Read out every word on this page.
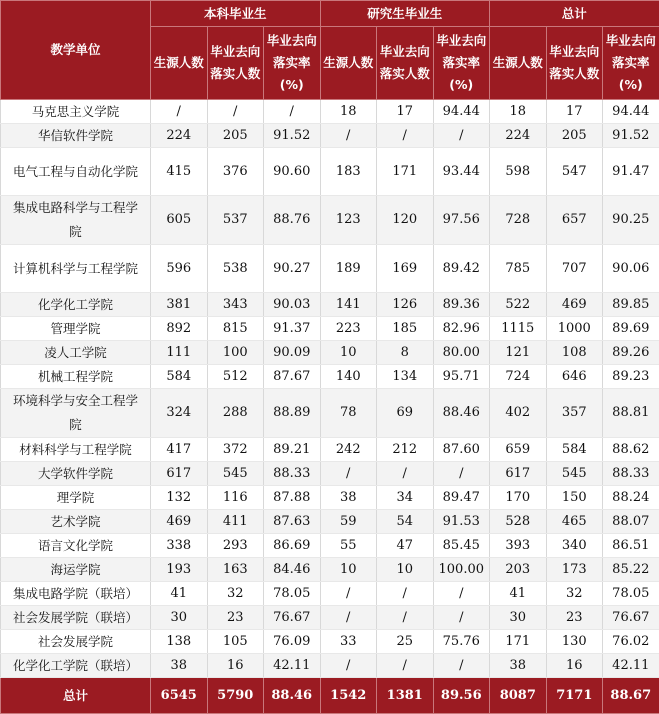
教学单位	本科毕业生			研究生毕业生			总计		
	生源人数	毕业去向落实人数	毕业去向落实率(%)	生源人数	毕业去向落实人数	毕业去向落实率(%)	生源人数	毕业去向落实人数	毕业去向落实率(%)
马克思主义学院	/	/	/	18	17	94.44	18	17	94.44
华信软件学院	224	205	91.52	/	/	/	224	205	91.52
电气工程与自动化学院	415	376	90.60	183	171	93.44	598	547	91.47
集成电路科学与工程学院	605	537	88.76	123	120	97.56	728	657	90.25
计算机科学与工程学院	596	538	90.27	189	169	89.42	785	707	90.06
化学化工学院	381	343	90.03	141	126	89.36	522	469	89.85
管理学院	892	815	91.37	223	185	82.96	1115	1000	89.69
凌人工学院	111	100	90.09	10	8	80.00	121	108	89.26
机械工程学院	584	512	87.67	140	134	95.71	724	646	89.23
环境科学与安全工程学院	324	288	88.89	78	69	88.46	402	357	88.81
材料科学与工程学院	417	372	89.21	242	212	87.60	659	584	88.62
大学软件学院	617	545	88.33	/	/	/	617	545	88.33
理学院	132	116	87.88	38	34	89.47	170	150	88.24
艺术学院	469	411	87.63	59	54	91.53	528	465	88.07
语言文化学院	338	293	86.69	55	47	85.45	393	340	86.51
海运学院	193	163	84.46	10	10	100.00	203	173	85.22
集成电路学院（联培）	41	32	78.05	/	/	/	41	32	78.05
社会发展学院（联培）	30	23	76.67	/	/	/	30	23	76.67
社会发展学院	138	105	76.09	33	25	75.76	171	130	76.02
化学化工学院（联培）	38	16	42.11	/	/	/	38	16	42.11
总计	6545	5790	88.46	1542	1381	89.56	8087	7171	88.67
